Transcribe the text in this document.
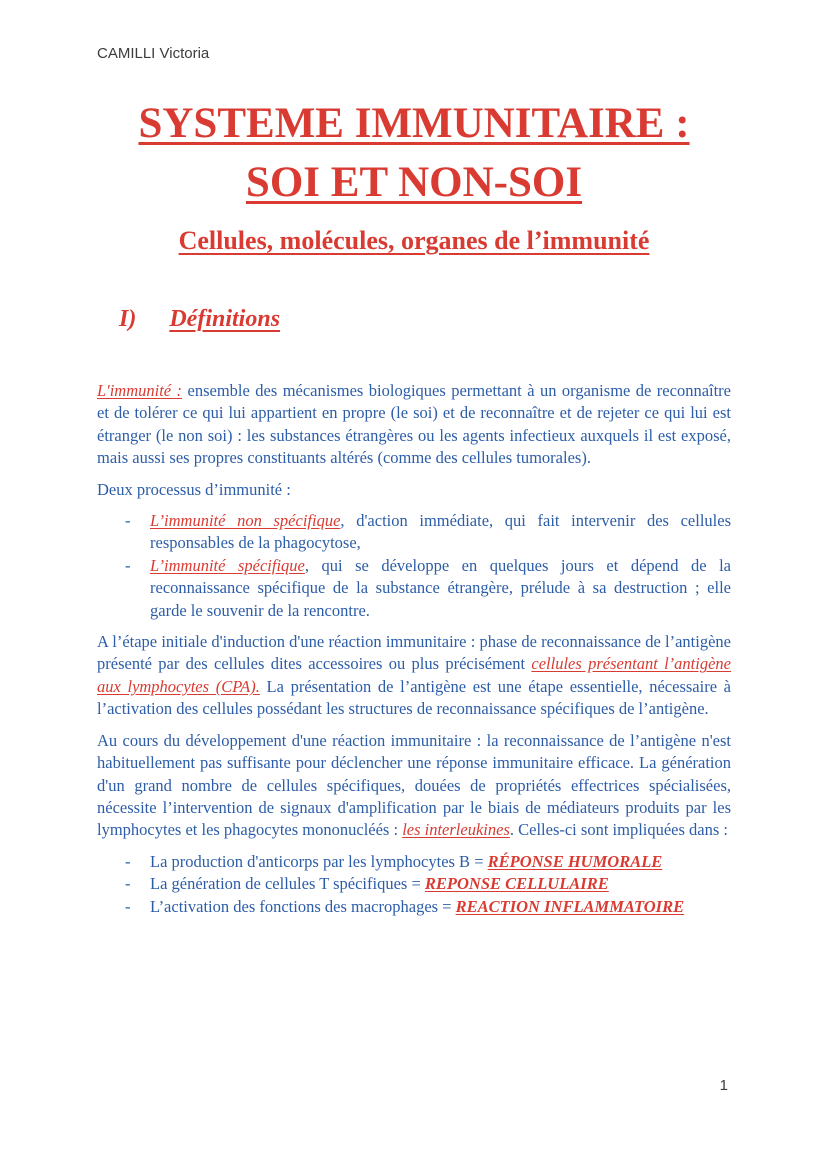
CAMILLI Victoria
SYSTEME IMMUNITAIRE :
SOI ET NON-SOI
Cellules, molécules, organes de l’immunité
I) Définitions

L'immunité : ensemble des mécanismes biologiques permettant à un organisme de reconnaître et de tolérer ce qui lui appartient en propre (le soi) et de reconnaître et de rejeter ce qui lui est étranger (le non soi) : les substances étrangères ou les agents infectieux auxquels il est exposé, mais aussi ses propres constituants altérés (comme des cellules tumorales).

Deux processus d’immunité :

-	L’immunité non spécifique, d'action immédiate, qui fait intervenir des cellules responsables de la phagocytose,
-	L’immunité spécifique, qui se développe en quelques jours et dépend de la reconnaissance spécifique de la substance étrangère, prélude à sa destruction ; elle garde le souvenir de la rencontre.

A l’étape initiale d'induction d'une réaction immunitaire : phase de reconnaissance de l’antigène présenté par des cellules dites accessoires ou plus précisément cellules présentant l’antigène aux lymphocytes (CPA). La présentation de l’antigène est une étape essentielle, nécessaire à l’activation des cellules possédant les structures de reconnaissance spécifiques de l’antigène.

Au cours du développement d'une réaction immunitaire : la reconnaissance de l’antigène n'est habituellement pas suffisante pour déclencher une réponse immunitaire efficace. La génération d'un grand nombre de cellules spécifiques, douées de propriétés effectrices spécialisées, nécessite l’intervention de signaux d'amplification par le biais de médiateurs produits par les lymphocytes et les phagocytes mononucléés : les interleukines. Celles-ci sont impliquées dans :

-	La production d'anticorps par les lymphocytes B = RÉPONSE HUMORALE
-	La génération de cellules T spécifiques = REPONSE CELLULAIRE
-	L’activation des fonctions des macrophages = REACTION INFLAMMATOIRE
1
